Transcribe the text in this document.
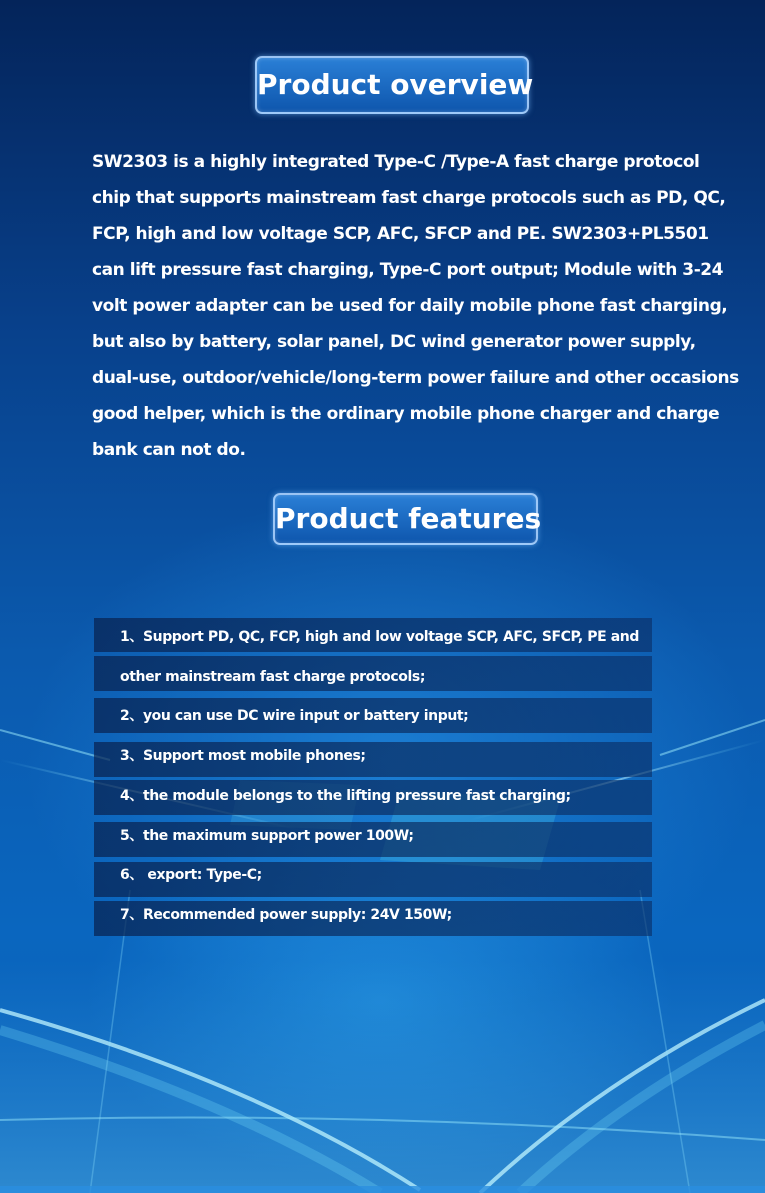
Product overview

SW2303 is a highly integrated Type-C /Type-A fast charge protocol chip that supports mainstream fast charge protocols such as PD, QC, FCP, high and low voltage SCP, AFC, SFCP and PE. SW2303+PL5501 can lift pressure fast charging, Type-C port output; Module with 3-24 volt power adapter can be used for daily mobile phone fast charging, but also by battery, solar panel, DC wind generator power supply, dual-use, outdoor/vehicle/long-term power failure and other occasions good helper, which is the ordinary mobile phone charger and charge bank can not do.

Product features
1、Support PD, QC, FCP, high and low voltage SCP, AFC, SFCP, PE and
other mainstream fast charge protocols;
2、you can use DC wire input or battery input;
3、Support most mobile phones;
4、the module belongs to the lifting pressure fast charging;
5、the maximum support power 100W;
6、 export: Type-C;
7、Recommended power supply: 24V 150W;
